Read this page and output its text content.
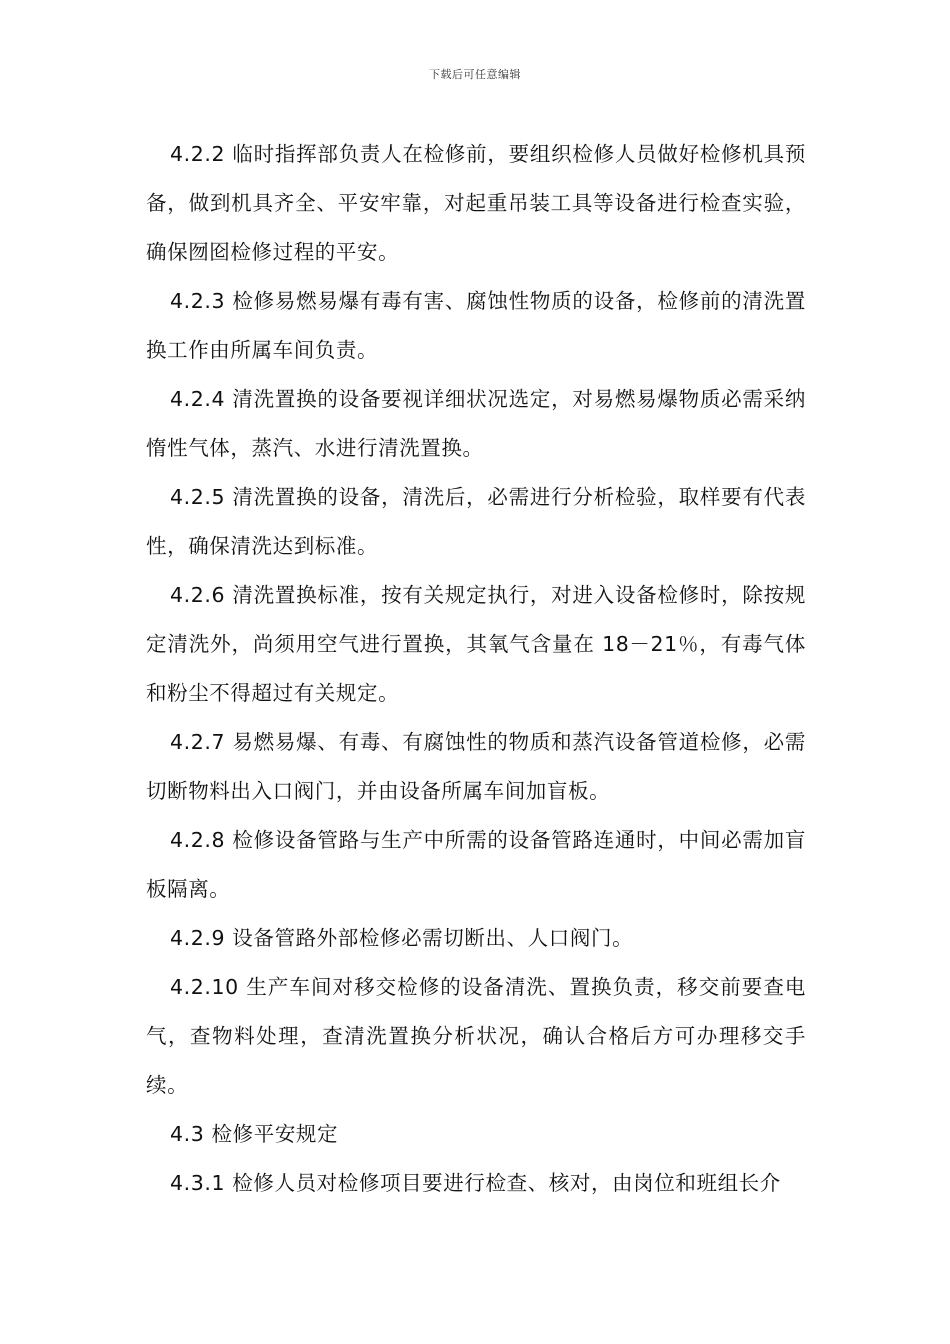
下载后可任意编辑

4.2.2 临时指挥部负责人在检修前，要组织检修人员做好检修机具预备，做到机具齐全、平安牢靠，对起重吊装工具等设备进行检查实验，确保囫囵检修过程的平安。

4.2.3 检修易燃易爆有毒有害、腐蚀性物质的设备，检修前的清洗置换工作由所属车间负责。

4.2.4 清洗置换的设备要视详细状况选定，对易燃易爆物质必需采纳惰性气体，蒸汽、水进行清洗置换。

4.2.5 清洗置换的设备，清洗后，必需进行分析检验，取样要有代表性，确保清洗达到标准。

4.2.6 清洗置换标准，按有关规定执行，对进入设备检修时，除按规定清洗外，尚须用空气进行置换，其氧气含量在 18－21％，有毒气体和粉尘不得超过有关规定。

4.2.7 易燃易爆、有毒、有腐蚀性的物质和蒸汽设备管道检修，必需切断物料出入口阀门，并由设备所属车间加盲板。

4.2.8 检修设备管路与生产中所需的设备管路连通时，中间必需加盲板隔离。

4.2.9 设备管路外部检修必需切断出、人口阀门。

4.2.10 生产车间对移交检修的设备清洗、置换负责，移交前要查电气，查物料处理，查清洗置换分析状况，确认合格后方可办理移交手续。

4.3 检修平安规定

4.3.1 检修人员对检修项目要进行检查、核对，由岗位和班组长介
